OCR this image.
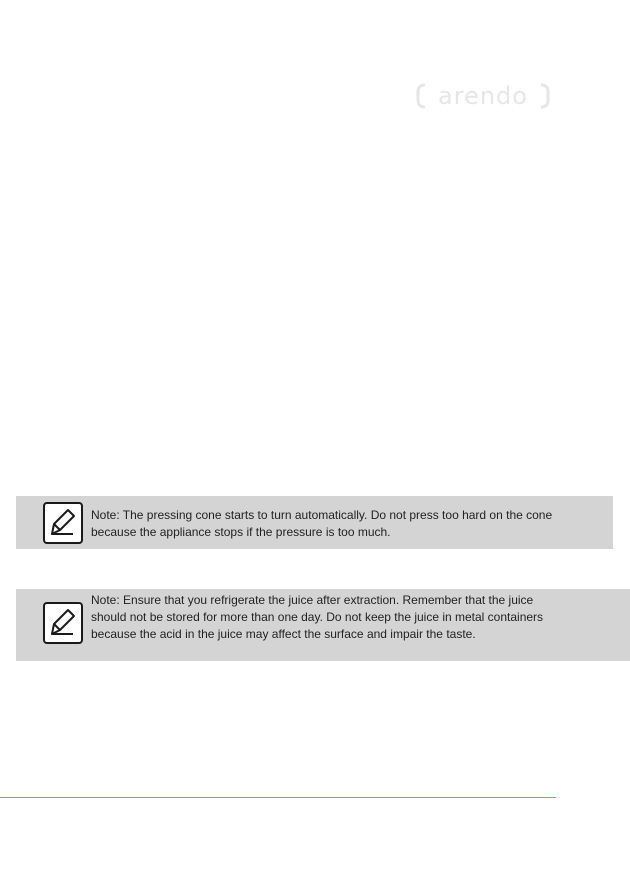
arendo

Note: The pressing cone starts to turn automatically. Do not press too hard on the cone because the appliance stops if the pressure is too much.

Note: Ensure that you refrigerate the juice after extraction. Remember that the juice should not be stored for more than one day. Do not keep the juice in metal containers because the acid in the juice may affect the surface and impair the taste.
